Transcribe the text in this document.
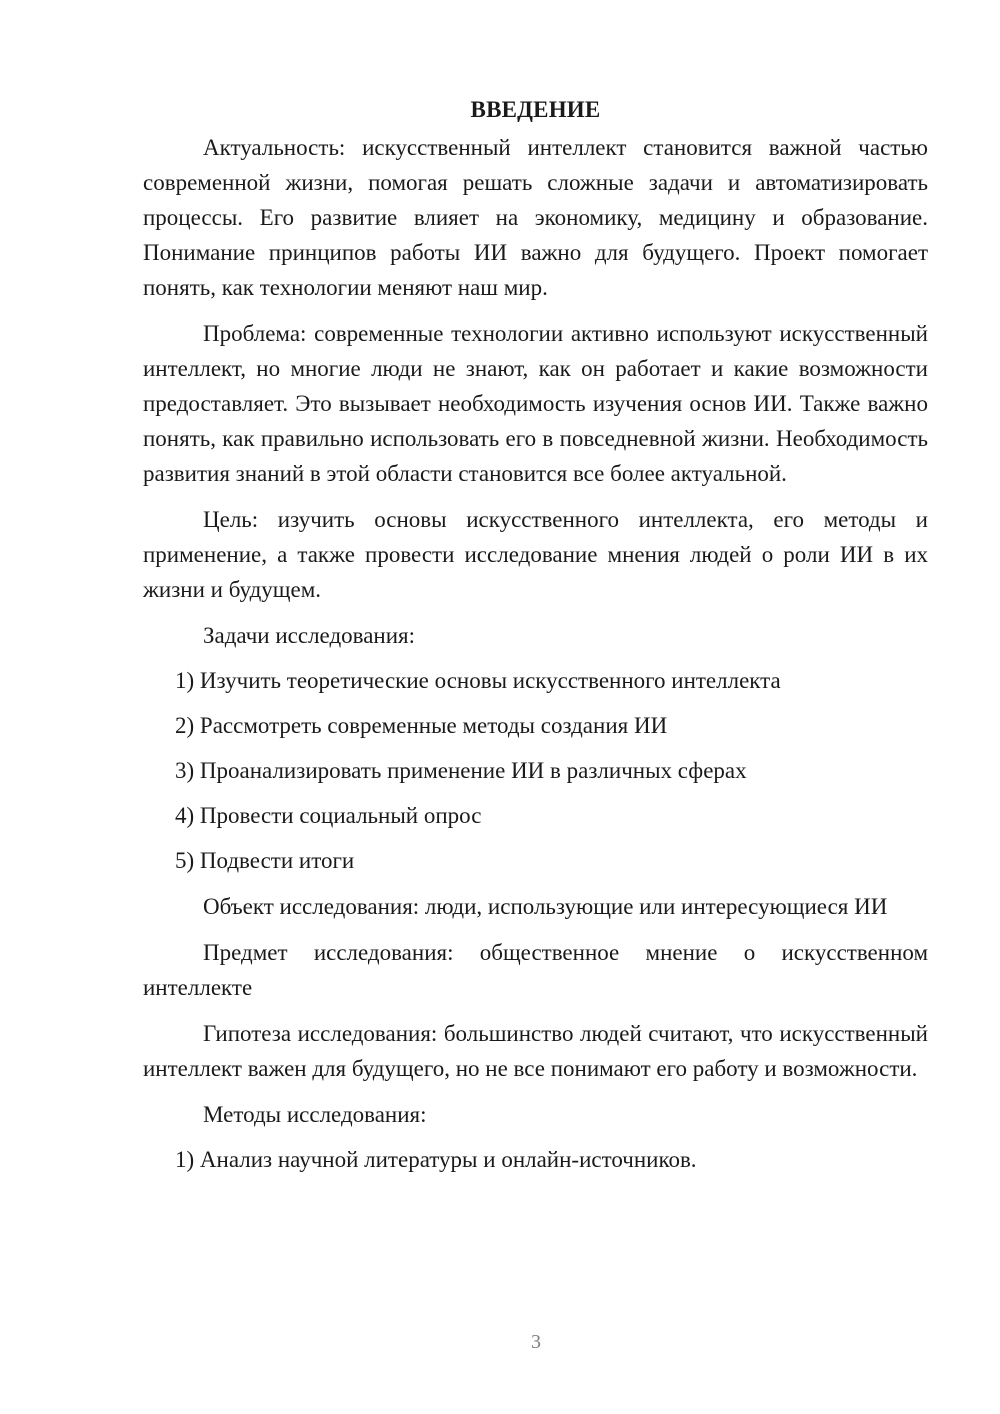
ВВЕДЕНИЕ

Актуальность: искусственный интеллект становится важной частью современной жизни, помогая решать сложные задачи и автоматизировать процессы. Его развитие влияет на экономику, медицину и образование. Понимание принципов работы ИИ важно для будущего. Проект помогает понять, как технологии меняют наш мир.

Проблема: современные технологии активно используют искусственный интеллект, но многие люди не знают, как он работает и какие возможности предоставляет. Это вызывает необходимость изучения основ ИИ. Также важно понять, как правильно использовать его в повседневной жизни. Необходимость развития знаний в этой области становится все более актуальной.

Цель: изучить основы искусственного интеллекта, его методы и применение, а также провести исследование мнения людей о роли ИИ в их жизни и будущем.

Задачи исследования:

1) Изучить теоретические основы искусственного интеллекта
2) Рассмотреть современные методы создания ИИ
3) Проанализировать применение ИИ в различных сферах
4) Провести социальный опрос
5) Подвести итоги

Объект исследования: люди, использующие или интересующиеся ИИ

Предмет исследования: общественное мнение о искусственном интеллекте

Гипотеза исследования: большинство людей считают, что искусственный интеллект важен для будущего, но не все понимают его работу и возможности.

Методы исследования:

1) Анализ научной литературы и онлайн-источников.
3
